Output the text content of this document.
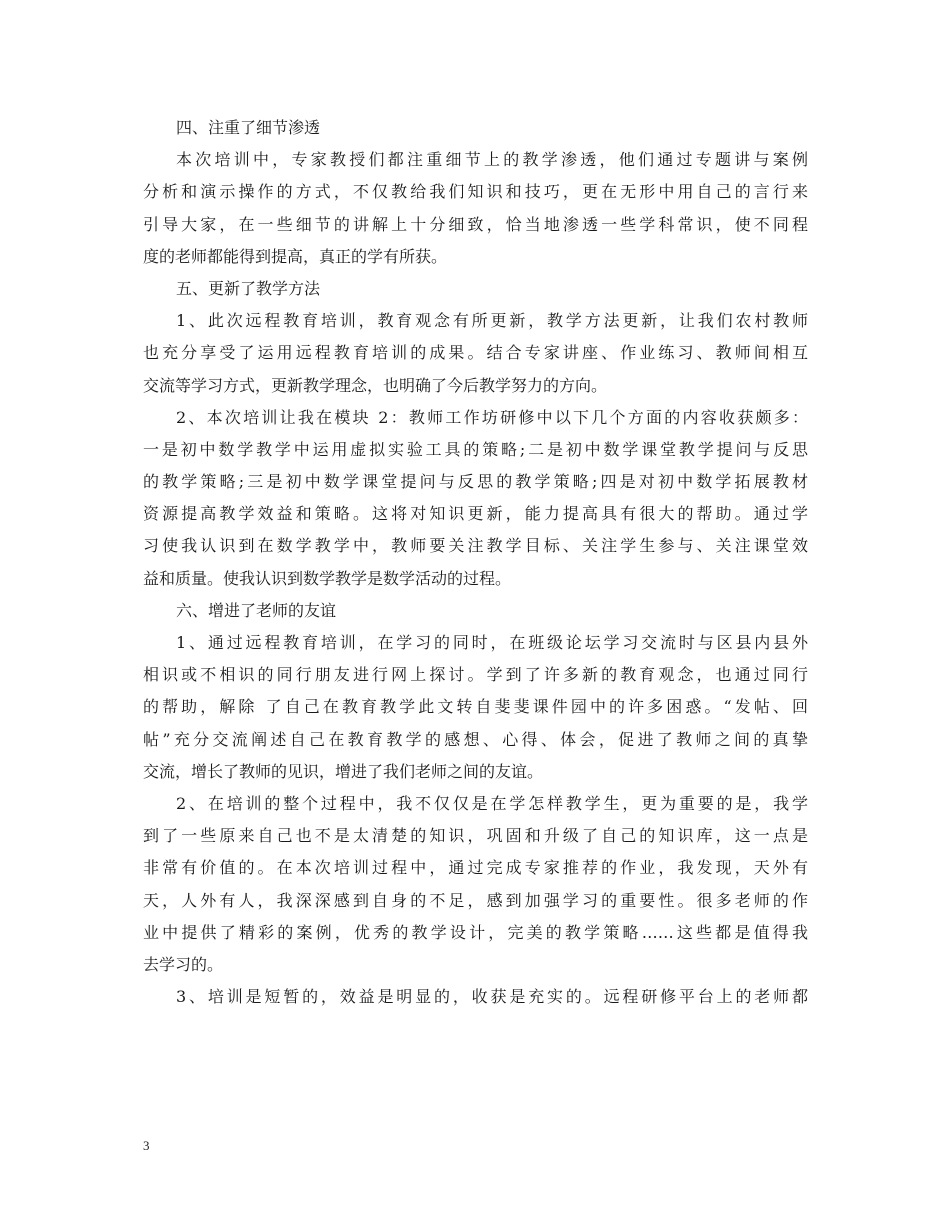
四、注重了细节渗透
本次培训中，专家教授们都注重细节上的教学渗透，他们通过专题讲与案例
分析和演示操作的方式，不仅教给我们知识和技巧，更在无形中用自己的言行来
引导大家，在一些细节的讲解上十分细致，恰当地渗透一些学科常识，使不同程
度的老师都能得到提高，真正的学有所获。
五、更新了教学方法
1、此次远程教育培训，教育观念有所更新，教学方法更新，让我们农村教师
也充分享受了运用远程教育培训的成果。结合专家讲座、作业练习、教师间相互
交流等学习方式，更新教学理念，也明确了今后教学努力的方向。
2、本次培训让我在模块 2：教师工作坊研修中以下几个方面的内容收获颇多：
一是初中数学教学中运用虚拟实验工具的策略;二是初中数学课堂教学提问与反思
的教学策略;三是初中数学课堂提问与反思的教学策略;四是对初中数学拓展教材
资源提高教学效益和策略。这将对知识更新，能力提高具有很大的帮助。通过学
习使我认识到在数学教学中，教师要关注教学目标、关注学生参与、关注课堂效
益和质量。使我认识到数学教学是数学活动的过程。
六、增进了老师的友谊
1、通过远程教育培训，在学习的同时，在班级论坛学习交流时与区县内县外
相识或不相识的同行朋友进行网上探讨。学到了许多新的教育观念，也通过同行
的帮助，解除 了自己在教育教学此文转自斐斐课件园中的许多困惑。“发帖、回
帖”充分交流阐述自己在教育教学的感想、心得、体会，促进了教师之间的真挚
交流，增长了教师的见识，增进了我们老师之间的友谊。
2、在培训的整个过程中，我不仅仅是在学怎样教学生，更为重要的是，我学
到了一些原来自己也不是太清楚的知识，巩固和升级了自己的知识库，这一点是
非常有价值的。在本次培训过程中，通过完成专家推荐的作业，我发现，天外有
天，人外有人，我深深感到自身的不足，感到加强学习的重要性。很多老师的作
业中提供了精彩的案例，优秀的教学设计，完美的教学策略……这些都是值得我
去学习的。
3、培训是短暂的，效益是明显的，收获是充实的。远程研修平台上的老师都
3
